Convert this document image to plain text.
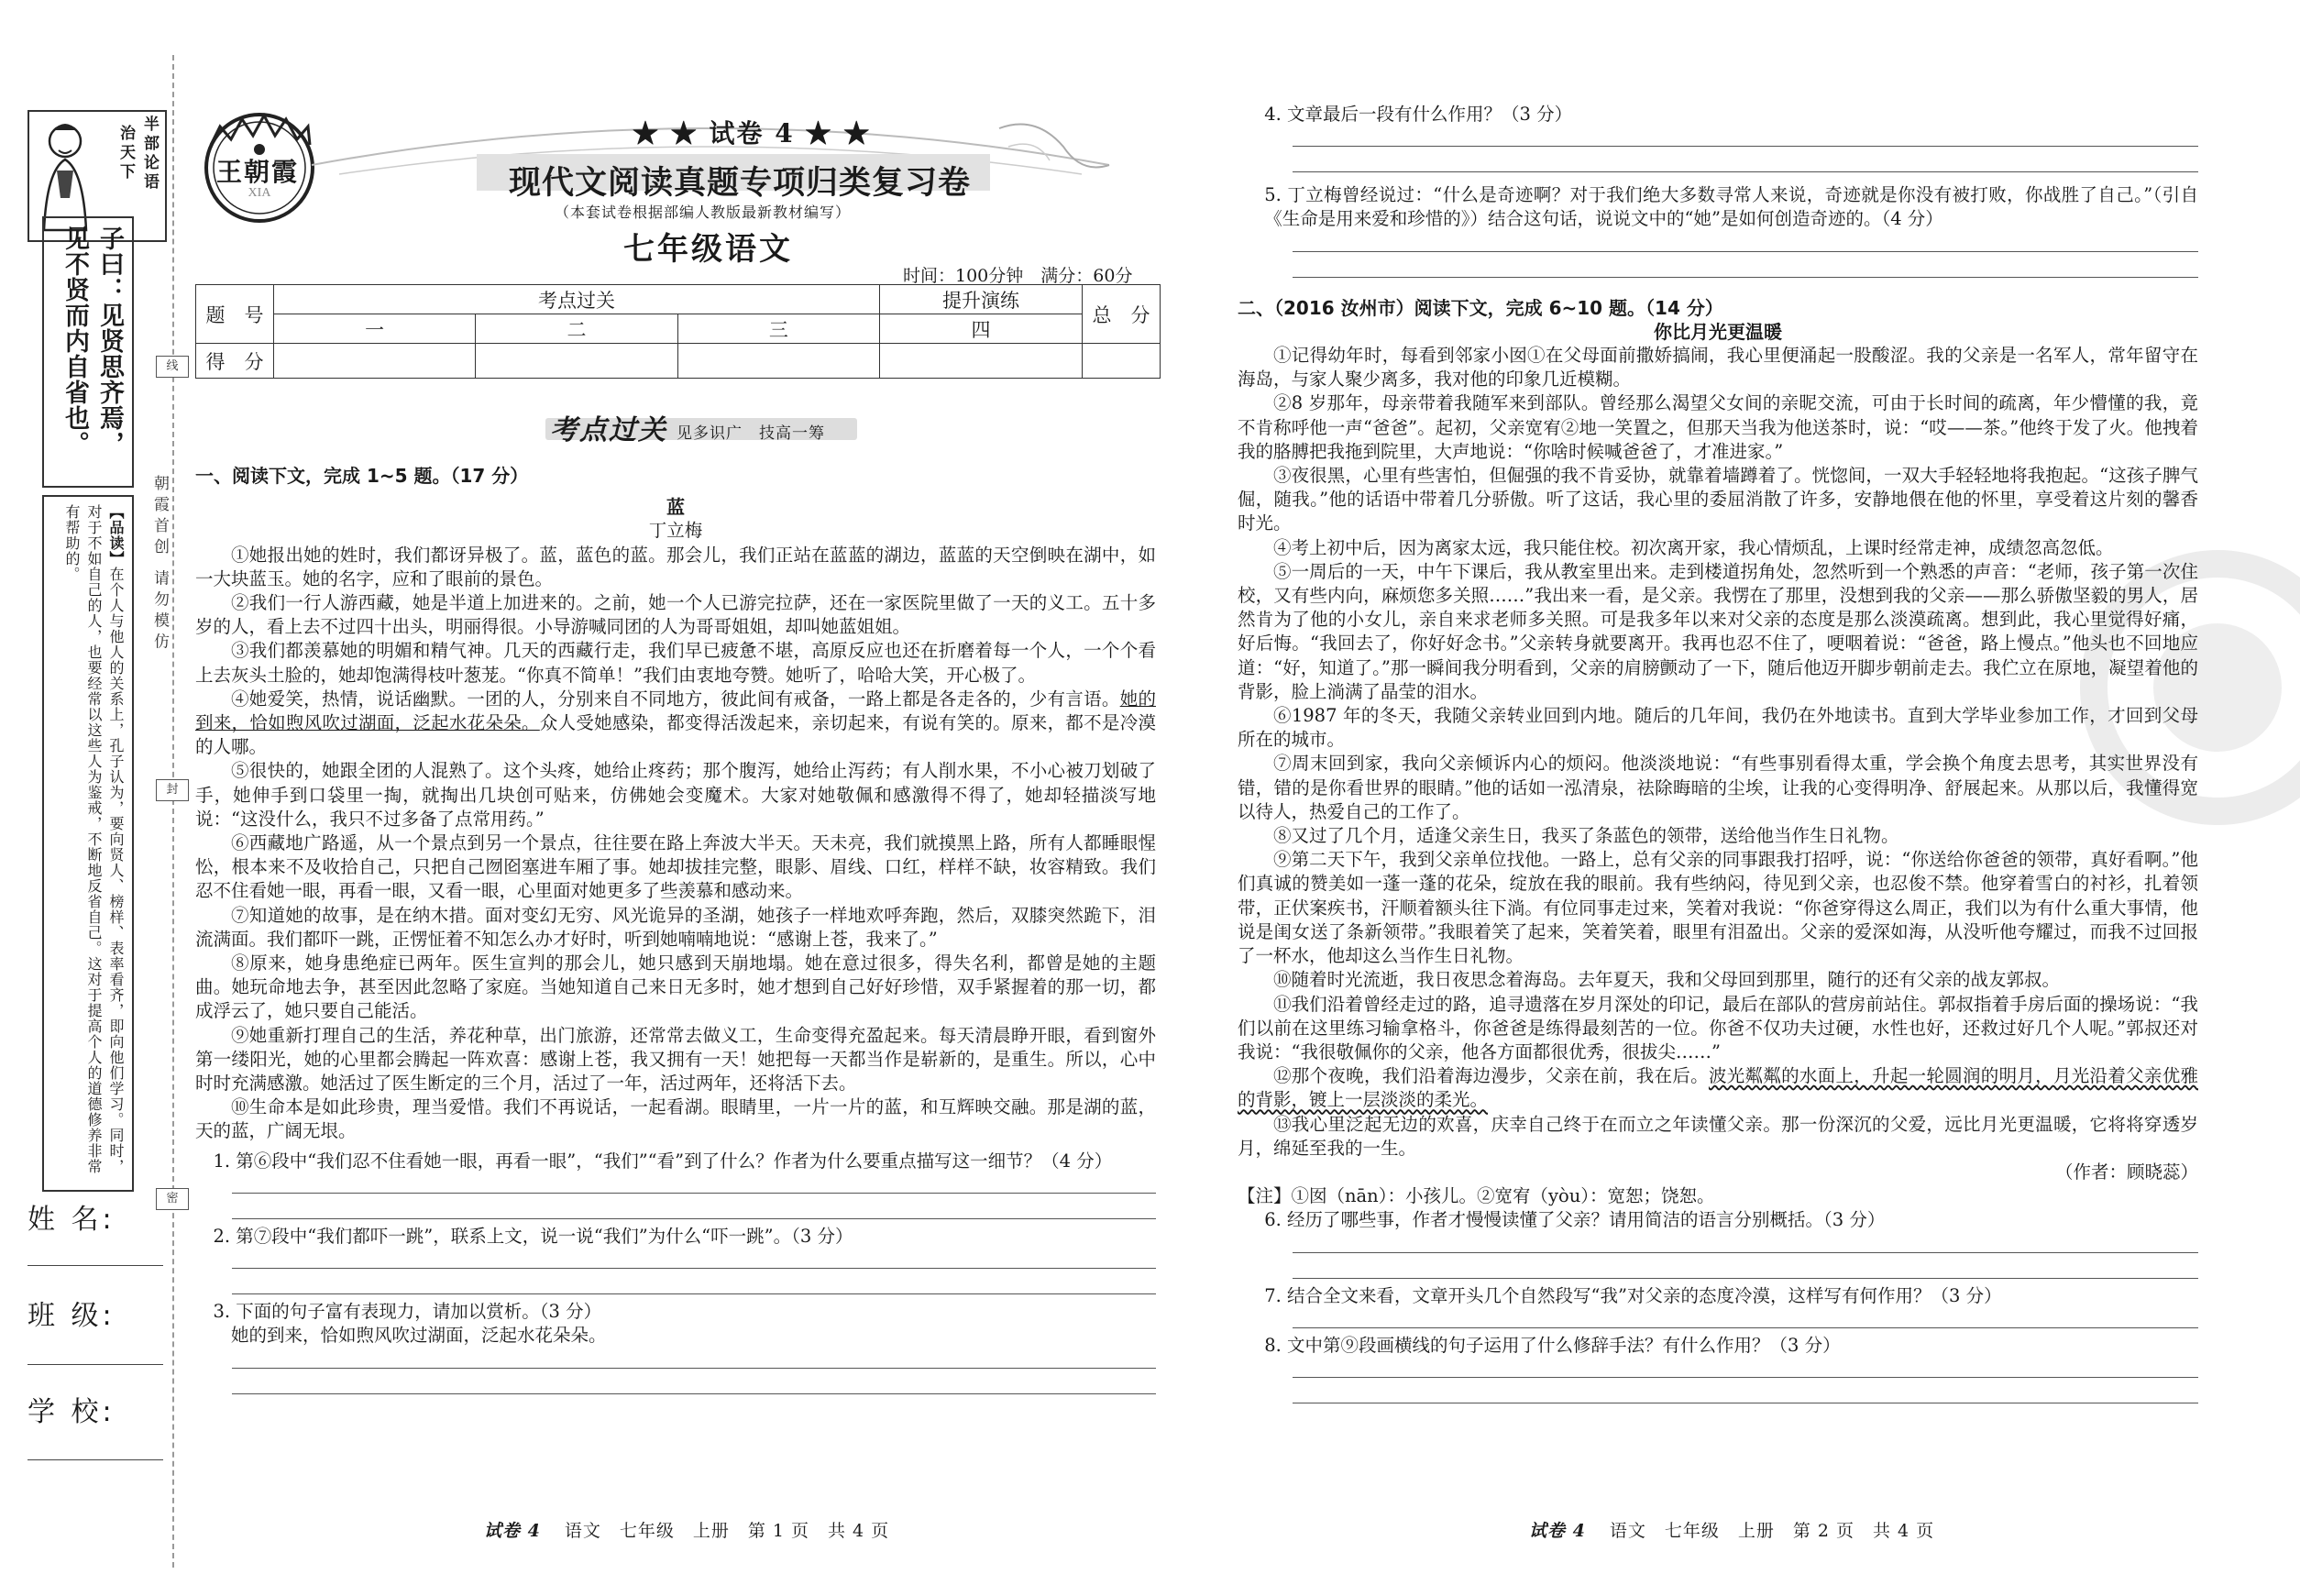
半部论语
治天下
子曰：见贤思齐焉，见不贤而内自省也。
【品读】在个人与他人的关系上，孔子认为，要向贤人、榜样、表率看齐，即向他们学习。同时，对于不如自己的人，也要经常以这些人为鉴戒，不断地反省自己。这对于提高个人的道德修养非常有帮助的。
姓 名:
班 级:
学 校:
朝霞首创 请勿模仿
线
封
密
XIA
王朝霞
★ ★ 试卷 4 ★ ★
现代文阅读真题专项归类复习卷
（本套试卷根据部编人教版最新教材编写）
七年级语文
时间：100分钟　满分：60分
题　号	考点过关			提升演练	总　分
	一	二	三	四	
得　分					
考点过关 见多识广　技高一筹

一、阅读下文，完成 1~5 题。（17 分）

蓝

丁立梅

①她报出她的姓时，我们都讶异极了。蓝，蓝色的蓝。那会儿，我们正站在蓝蓝的湖边，蓝蓝的天空倒映在湖中，如一大块蓝玉。她的名字，应和了眼前的景色。

②我们一行人游西藏，她是半道上加进来的。之前，她一个人已游完拉萨，还在一家医院里做了一天的义工。五十多岁的人，看上去不过四十出头，明丽得很。小导游喊同团的人为哥哥姐姐，却叫她蓝姐姐。

③我们都羡慕她的明媚和精气神。几天的西藏行走，我们早已疲惫不堪，高原反应也还在折磨着每一个人，一个个看上去灰头土脸的，她却饱满得枝叶葱茏。“你真不简单！”我们由衷地夸赞。她听了，哈哈大笑，开心极了。

④她爱笑，热情，说话幽默。一团的人，分别来自不同地方，彼此间有戒备，一路上都是各走各的，少有言语。她的到来，恰如煦风吹过湖面，泛起水花朵朵。众人受她感染，都变得活泼起来，亲切起来，有说有笑的。原来，都不是冷漠的人哪。

⑤很快的，她跟全团的人混熟了。这个头疼，她给止疼药；那个腹泻，她给止泻药；有人削水果，不小心被刀划破了手，她伸手到口袋里一掏，就掏出几块创可贴来，仿佛她会变魔术。大家对她敬佩和感激得不得了，她却轻描淡写地说：“这没什么，我只不过多备了点常用药。”

⑥西藏地广路遥，从一个景点到另一个景点，往往要在路上奔波大半天。天未亮，我们就摸黑上路，所有人都睡眼惺忪，根本来不及收拾自己，只把自己囫囵塞进车厢了事。她却拔挂完整，眼影、眉线、口红，样样不缺，妆容精致。我们忍不住看她一眼，再看一眼，又看一眼，心里面对她更多了些羡慕和感动来。

⑦知道她的故事，是在纳木措。面对变幻无穷、风光诡异的圣湖，她孩子一样地欢呼奔跑，然后，双膝突然跪下，泪流满面。我们都吓一跳，正愣怔着不知怎么办才好时，听到她喃喃地说：“感谢上苍，我来了。”

⑧原来，她身患绝症已两年。医生宣判的那会儿，她只感到天崩地塌。她在意过很多，得失名利，都曾是她的主题曲。她玩命地去争，甚至因此忽略了家庭。当她知道自己来日无多时，她才想到自己好好珍惜，双手紧握着的那一切，都成浮云了，她只要自己能活。

⑨她重新打理自己的生活，养花种草，出门旅游，还常常去做义工，生命变得充盈起来。每天清晨睁开眼，看到窗外第一缕阳光，她的心里都会腾起一阵欢喜：感谢上苍，我又拥有一天！她把每一天都当作是崭新的，是重生。所以，心中时时充满感激。她活过了医生断定的三个月，活过了一年，活过两年，还将活下去。

⑩生命本是如此珍贵，理当爱惜。我们不再说话，一起看湖。眼睛里，一片一片的蓝，和互辉映交融。那是湖的蓝，天的蓝，广阔无垠。

1. 第⑥段中“我们忍不住看她一眼，再看一眼”，“我们”“看”到了什么？作者为什么要重点描写这一细节？（4 分）

2. 第⑦段中“我们都吓一跳”，联系上文，说一说“我们”为什么“吓一跳”。（3 分）

3. 下面的句子富有表现力，请加以赏析。（3 分）

她的到来，恰如煦风吹过湖面，泛起水花朵朵。

试卷 4 语文　七年级　上册　第 1 页　共 4 页

4. 文章最后一段有什么作用？（3 分）

5. 丁立梅曾经说过：“什么是奇迹啊？对于我们绝大多数寻常人来说，奇迹就是你没有被打败，你战胜了自己。”（引自《生命是用来爱和珍惜的》）结合这句话，说说文中的“她”是如何创造奇迹的。（4 分）

二、（2016 汝州市）阅读下文，完成 6~10 题。（14 分）

你比月光更温暖

①记得幼年时，每看到邻家小囡①在父母面前撒娇搞闹，我心里便涌起一股酸涩。我的父亲是一名军人，常年留守在海岛，与家人聚少离多，我对他的印象几近模糊。

②8 岁那年，母亲带着我随军来到部队。曾经那么渴望父女间的亲昵交流，可由于长时间的疏离，年少懵懂的我，竟不肯称呼他一声“爸爸”。起初，父亲宽宥②地一笑置之，但那天当我为他送茶时，说：“哎——茶。”他终于发了火。他拽着我的胳膊把我拖到院里，大声地说：“你啥时候喊爸爸了，才准进家。”

③夜很黑，心里有些害怕，但倔强的我不肯妥协，就靠着墙蹲着了。恍惚间，一双大手轻轻地将我抱起。“这孩子脾气倔，随我。”他的话语中带着几分骄傲。听了这话，我心里的委屈消散了许多，安静地偎在他的怀里，享受着这片刻的馨香时光。

④考上初中后，因为离家太远，我只能住校。初次离开家，我心情烦乱，上课时经常走神，成绩忽高忽低。

⑤一周后的一天，中午下课后，我从教室里出来。走到楼道拐角处，忽然听到一个熟悉的声音：“老师，孩子第一次住校，又有些内向，麻烦您多关照……”我出来一看，是父亲。我愣在了那里，没想到我的父亲——那么骄傲坚毅的男人，居然肯为了他的小女儿，亲自来求老师多关照。可是我多年以来对父亲的态度是那么淡漠疏离。想到此，我心里觉得好痛，好后悔。“我回去了，你好好念书。”父亲转身就要离开。我再也忍不住了，哽咽着说：“爸爸，路上慢点。”他头也不回地应道：“好，知道了。”那一瞬间我分明看到，父亲的肩膀颤动了一下，随后他迈开脚步朝前走去。我伫立在原地，凝望着他的背影，脸上淌满了晶莹的泪水。

⑥1987 年的冬天，我随父亲转业回到内地。随后的几年间，我仍在外地读书。直到大学毕业参加工作，才回到父母所在的城市。

⑦周末回到家，我向父亲倾诉内心的烦闷。他淡淡地说：“有些事别看得太重，学会换个角度去思考，其实世界没有错，错的是你看世界的眼睛。”他的话如一泓清泉，祛除晦暗的尘埃，让我的心变得明净、舒展起来。从那以后，我懂得宽以待人，热爱自己的工作了。

⑧又过了几个月，适逢父亲生日，我买了条蓝色的领带，送给他当作生日礼物。

⑨第二天下午，我到父亲单位找他。一路上，总有父亲的同事跟我打招呼，说：“你送给你爸爸的领带，真好看啊。”他们真诚的赞美如一蓬一蓬的花朵，绽放在我的眼前。我有些纳闷，待见到父亲，也忍俊不禁。他穿着雪白的衬衫，扎着领带，正伏案疾书，汗顺着额头往下淌。有位同事走过来，笑着对我说：“你爸穿得这么周正，我们以为有什么重大事情，他说是闺女送了条新领带。”我眼着笑了起来，笑着笑着，眼里有泪盈出。父亲的爱深如海，从没听他夸耀过，而我不过回报了一杯水，他却这么当作生日礼物。

⑩随着时光流逝，我日夜思念着海岛。去年夏天，我和父母回到那里，随行的还有父亲的战友郭叔。

⑪我们沿着曾经走过的路，追寻遗落在岁月深处的印记，最后在部队的营房前站住。郭叔指着手房后面的操场说：“我们以前在这里练习输拿格斗，你爸爸是练得最刻苦的一位。你爸不仅功夫过硬，水性也好，还救过好几个人呢。”郭叔还对我说：“我很敬佩你的父亲，他各方面都很优秀，很拔尖……”

⑫那个夜晚，我们沿着海边漫步，父亲在前，我在后。波光粼粼的水面上，升起一轮圆润的明月，月光沿着父亲优雅的背影，镀上一层淡淡的柔光。

⑬我心里泛起无边的欢喜，庆幸自己终于在而立之年读懂父亲。那一份深沉的父爱，远比月光更温暖，它将将穿透岁月，绵延至我的一生。

（作者：顾晓蕊）

【注】①囡（nān）：小孩儿。②宽宥（yòu）：宽恕；饶恕。

6. 经历了哪些事，作者才慢慢读懂了父亲？请用简洁的语言分别概括。（3 分）

7. 结合全文来看，文章开头几个自然段写“我”对父亲的态度冷漠，这样写有何作用？（3 分）

8. 文中第⑨段画横线的句子运用了什么修辞手法？有什么作用？（3 分）

试卷 4 语文　七年级　上册　第 2 页　共 4 页
